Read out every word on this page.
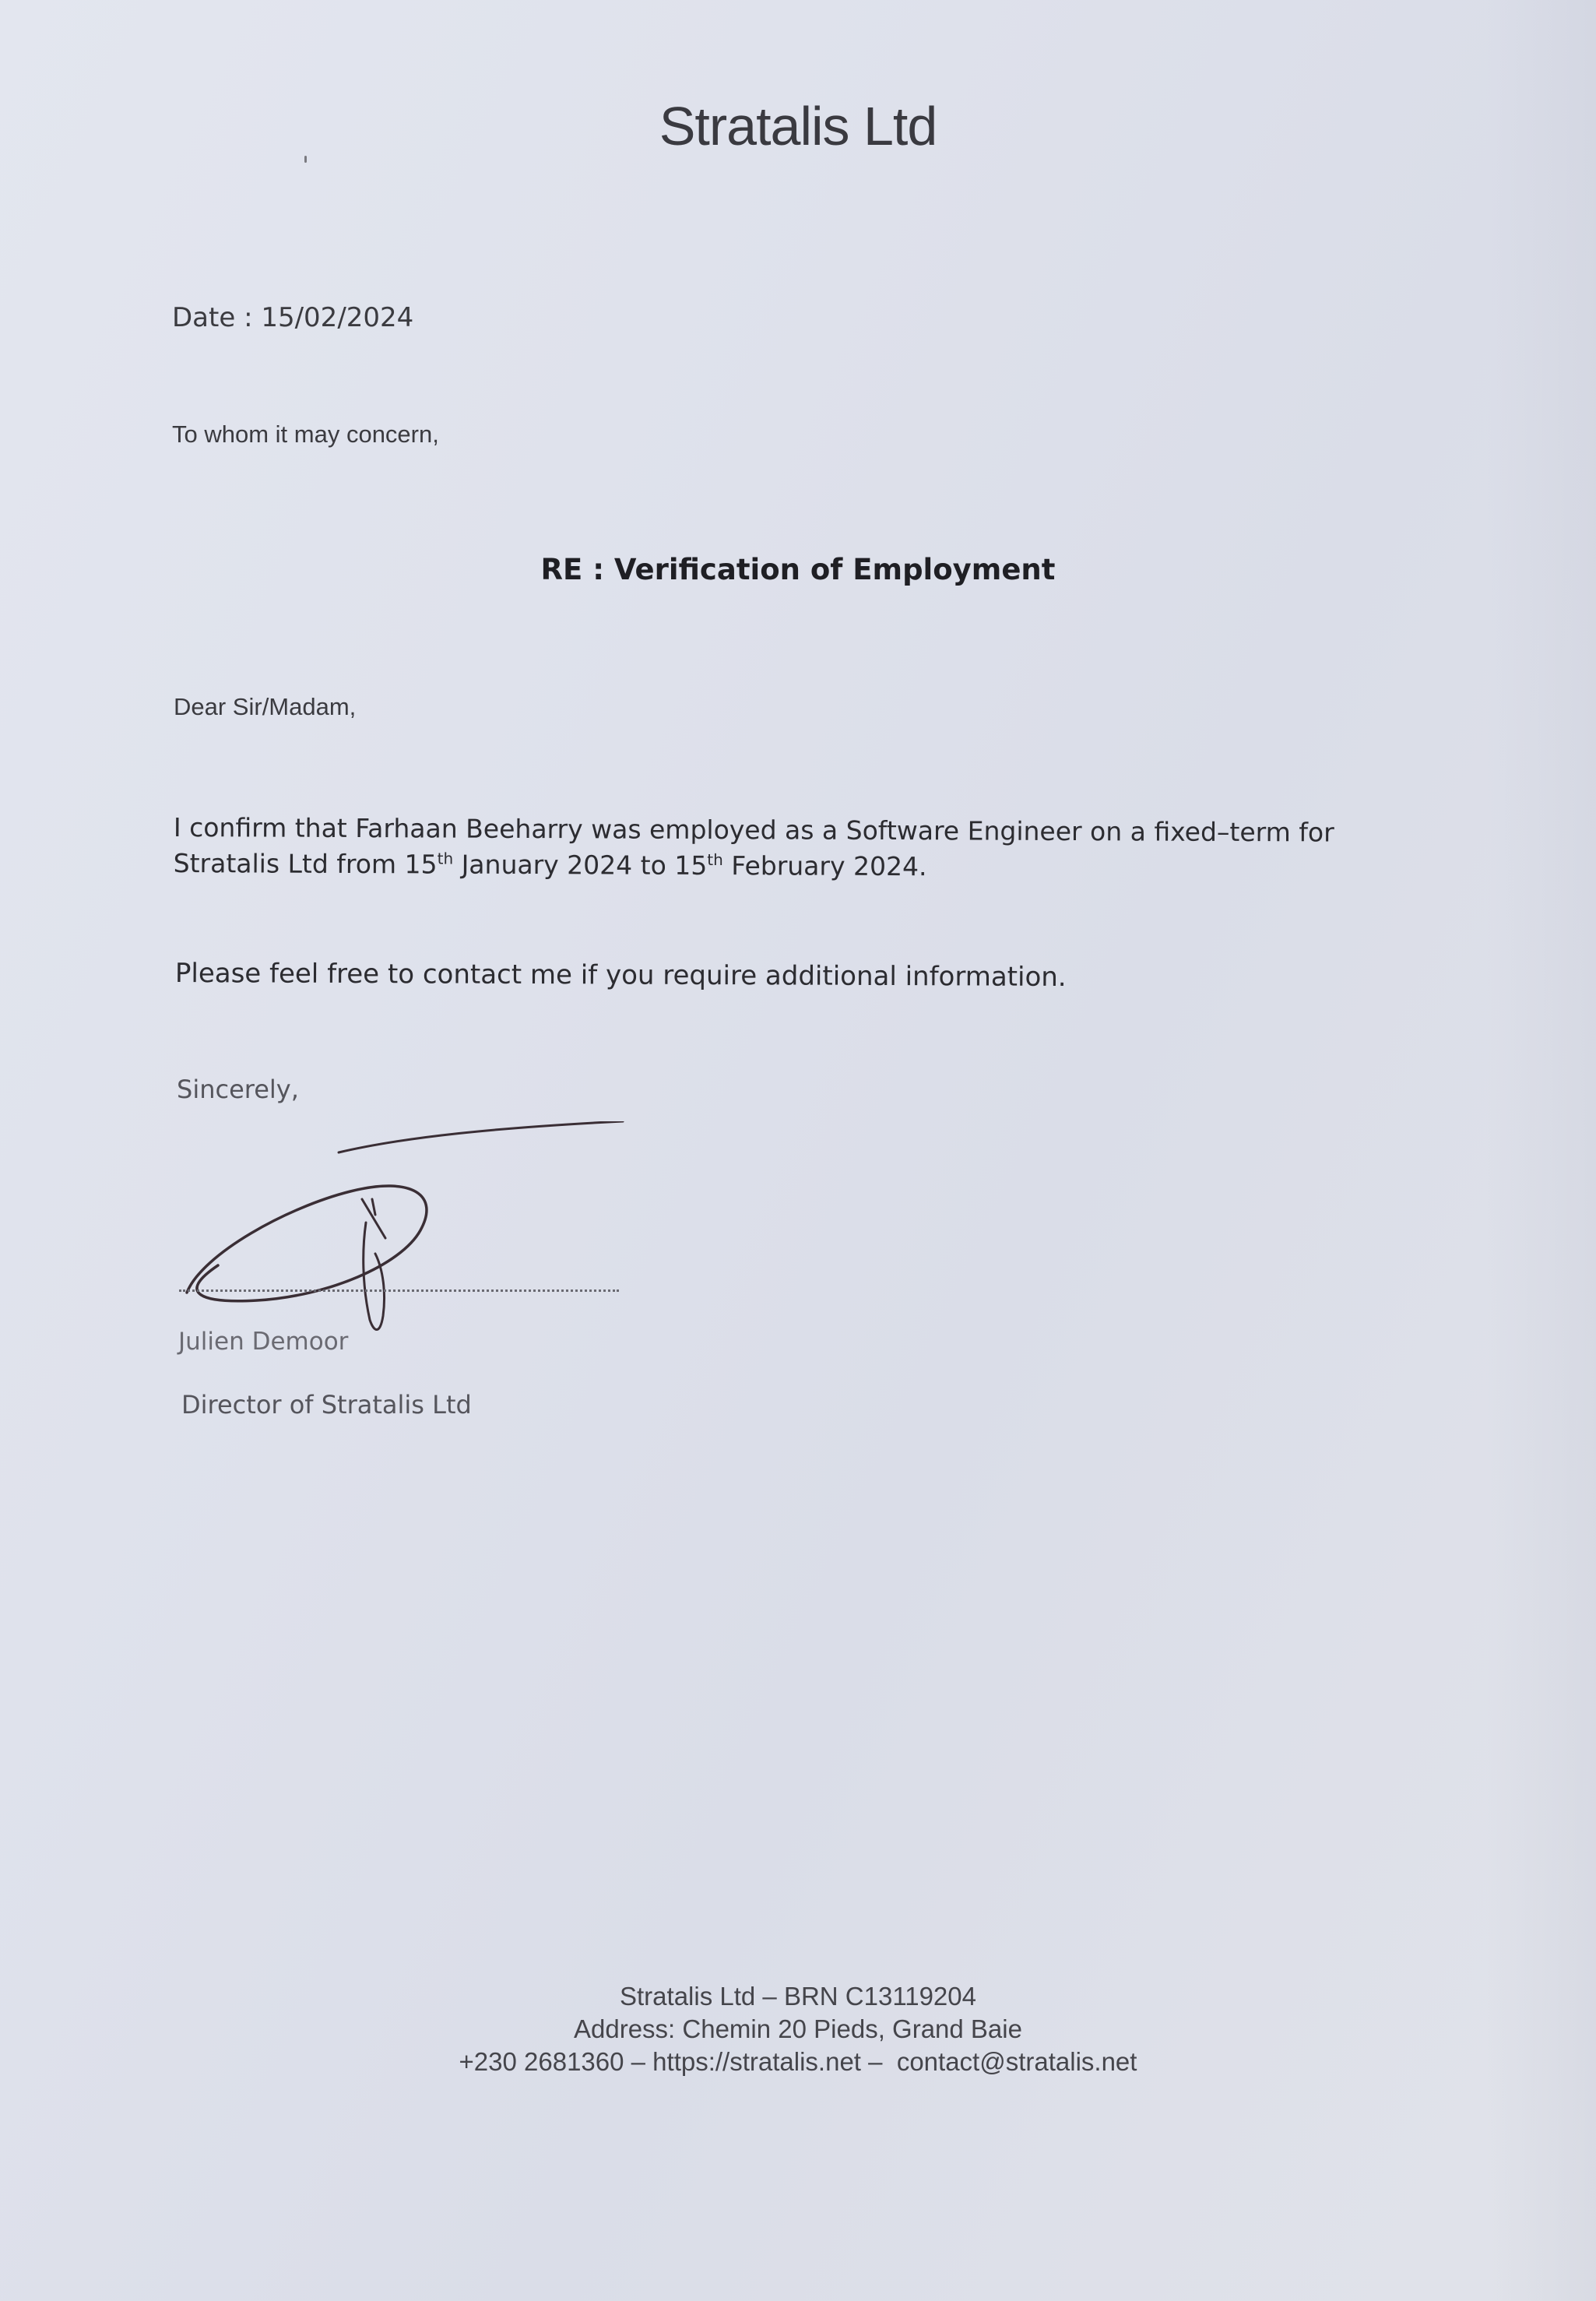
Stratalis Ltd
Date : 15/02/2024
To whom it may concern,
RE : Verification of Employment
Dear Sir/Madam,
I confirm that Farhaan Beeharry was employed as a Software Engineer on a fixed–term for Stratalis Ltd from 15th January 2024 to 15th February 2024.
Please feel free to contact me if you require additional information.
Sincerely,
Julien Demoor
Director of Stratalis Ltd
Stratalis Ltd – BRN C13119204
Address: Chemin 20 Pieds, Grand Baie
+230 2681360 – https://stratalis.net –  contact@stratalis.net
